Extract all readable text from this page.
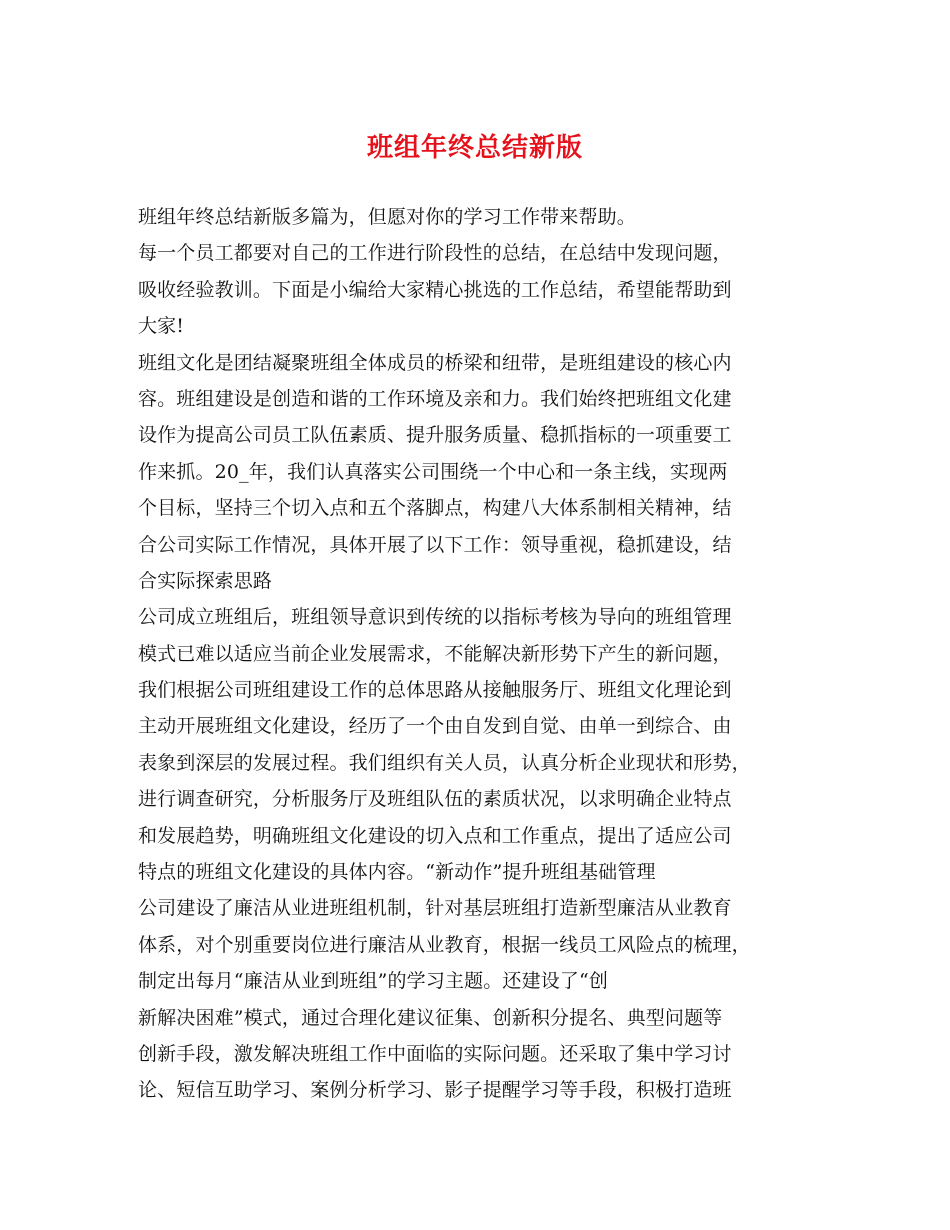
班组年终总结新版
班组年终总结新版多篇为，但愿对你的学习工作带来帮助。
每一个员工都要对自己的工作进行阶段性的总结，在总结中发现问题，
吸收经验教训。下面是小编给大家精心挑选的工作总结，希望能帮助到
大家!
班组文化是团结凝聚班组全体成员的桥梁和纽带，是班组建设的核心内
容。班组建设是创造和谐的工作环境及亲和力。我们始终把班组文化建
设作为提高公司员工队伍素质、提升服务质量、稳抓指标的一项重要工
作来抓。20_年，我们认真落实公司围绕一个中心和一条主线，实现两
个目标，坚持三个切入点和五个落脚点，构建八大体系制相关精神，结
合公司实际工作情况，具体开展了以下工作：领导重视，稳抓建设，结
合实际探索思路
公司成立班组后，班组领导意识到传统的以指标考核为导向的班组管理
模式已难以适应当前企业发展需求，不能解决新形势下产生的新问题，
我们根据公司班组建设工作的总体思路从接触服务厅、班组文化理论到
主动开展班组文化建设，经历了一个由自发到自觉、由单一到综合、由
表象到深层的发展过程。我们组织有关人员，认真分析企业现状和形势，
进行调查研究，分析服务厅及班组队伍的素质状况，以求明确企业特点
和发展趋势，明确班组文化建设的切入点和工作重点，提出了适应公司
特点的班组文化建设的具体内容。“新动作”提升班组基础管理
公司建设了廉洁从业进班组机制，针对基层班组打造新型廉洁从业教育
体系，对个别重要岗位进行廉洁从业教育，根据一线员工风险点的梳理，
制定出每月“廉洁从业到班组”的学习主题。还建设了“创
新解决困难”模式，通过合理化建议征集、创新积分提名、典型问题等
创新手段，激发解决班组工作中面临的实际问题。还采取了集中学习讨
论、短信互助学习、案例分析学习、影子提醒学习等手段，积极打造班
